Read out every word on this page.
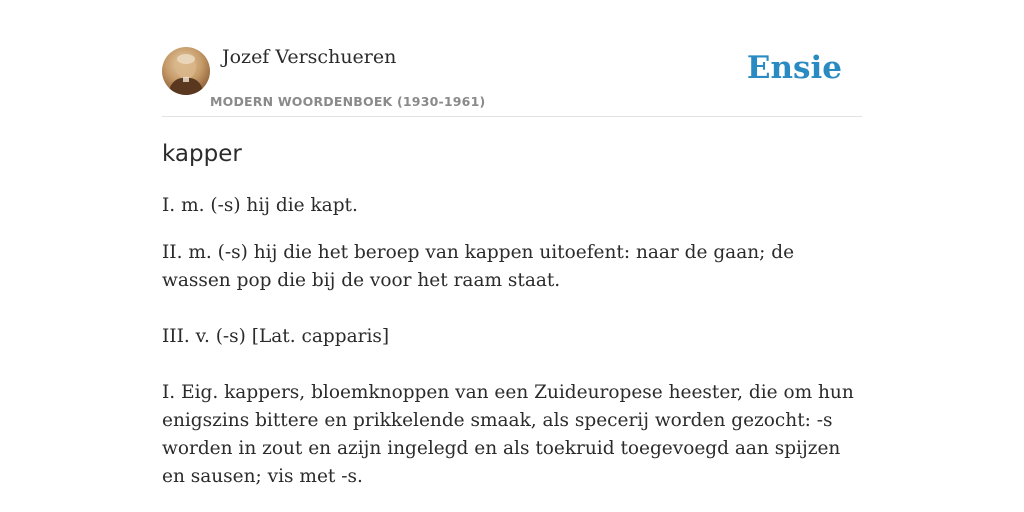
Jozef Verschueren
MODERN WOORDENBOEK (1930-1961)
Ensie
kapper

I. m. (-s) hij die kapt.

II. m. (-s) hij die het beroep van kappen uitoefent: naar de gaan; de wassen pop die bij de voor het raam staat.

III. v. (-s) [Lat. capparis]

I. Eig. kappers, bloemknoppen van een Zuideuropese heester, die om hun enigszins bittere en prikkelende smaak, als specerij worden gezocht: -s worden in zout en azijn ingelegd en als toekruid toegevoegd aan spijzen en sausen; vis met -s.
